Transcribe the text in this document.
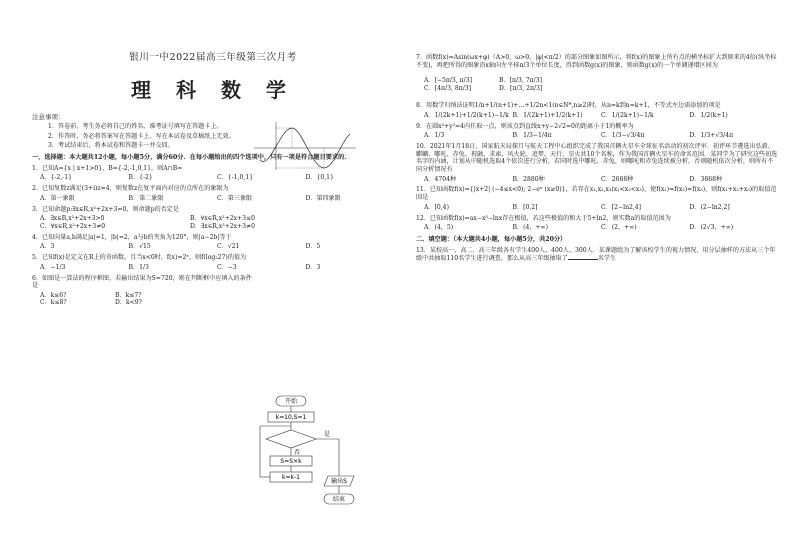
银川一中2022届高三年级第三次月考
理 科 数 学
注意事项：
1．答卷前，考生务必将自己的姓名、准考证号填写在答题卡上。
2．作答时，务必将答案写在答题卡上。写在本试卷及草稿纸上无效。
3．考试结束后，将本试卷和答题卡一并交回。
一、选择题：本大题共12小题，每小题5分，满分60分．在每小题给出的四个选项中，只有一项是符合题目要求的．
1．已知A={x | x+1>0}，B={-2,-1,0,1}，则A∩B=
A．{-2,-1}	B．{-2}	C．{-1,0,1}	D．{0,1}
2．已知复数z满足(3+i)z=4，则复数z在复平面内对应的点所在的象限为
A．第一象限	B．第二象限	C．第三象限	D．第四象限
3．已知命题p:∃x∈R,x²+2x+3=0，则命题p的否定是
A．∃x∈R,x²+2x+3>0	B．∀x∈R,x²+2x+3≤0
C．∀x∈R,x²+2x+3≠0	D．∃x∈R,x²+2x+3≠0
4．已知向量a,b满足|a|=1，|b|=2，a与b的夹角为120°，则|a−2b|等于
A．3	B．√15	C．√21	D．5
5．已知f(x)是定义在R上的奇函数，且当x<0时，f(x)=2ˣ，则f(log₂27)的值为
A．−1/3	B．1/3	C．−3	D．3
6．如图是一算法的程序框图，若输出结果为S=720，则在判断框中应填入的条件是
A．k≤6?	B．k≤7?
C．k≤8?	D．k<9?
开始
k=10,S=1
是
否
S=S×k
k=k-1
输出S
结束
7．函数f(x)=Asin(ωx+φ)（A>0，ω>0，|φ|<π/2）的部分图象如图所示，将f(x)的图象上所有点的横坐标扩大到原来的4倍(纵坐标不变)，再把所得的图象沿x轴向左平移π/3个单位长度，得到函数g(x)的图象，则函数g(x)的一个单调递增区间为
A．[−5π/3, π/3]	B．[π/3, 7π/3]
C．[4π/3, 8π/3]	D．[π/3, 2π/3]
8．用数学归纳法证明1/n+1/(n+1)+…+1/2n<1(n∈N*,n≥2)时，从n=k到n=k+1，不等式左边需添加的项是
A．1/(2k+1)+1/2(k+1)−1/k B．1/(2k+1)+1/2(k+1)	C．1/(2k+1)−1/k	D．1/2(k+1)
9．在圆x²+y²=4内任取一点，则该点到直线x+y−2√2=0的距离小于1的概率为
A．1/3	B．1/3−1/4π	C．1/3−√3/4π	D．1/3+√3/4π
10．2021年1月18日，国家航天局探月与航天工程中心组织完成了我国首辆火星车全球征名活动的初次评审．初评环节遴选出弘毅、麒麟、哪吒、赤兔、祝融、求索、风火轮、追梦、天行、星火共10个名称，作为我国首辆火星车的命名范围．某同学为了研究这些初选名字的内涵，计划从中随机选取4个依次进行分析，若同时选中哪吒、赤兔，则哪吒和赤兔连续被分析，否则随机依次分析，则所有不同分析情况有
A．4704种	B．2880种	C．2688种	D．3868种
11．已知函数f(x)={|x+2| (−4≤x<0); 2−eˣ (x≥0)}，若存在x₁,x₂,x₃(x₁<x₂<x₃)，使f(x₁)=f(x₂)=f(x₃)，则f(x₁+x₂+x₃)的取值范围是
A．[0,4)	B．[0,2]	C．[2−ln2,4]	D．(2−ln2,2]
12．已知函数f(x)=ax−x³−lnx存在极值，若这些极值的和大于5+ln2，则实数a的取值范围为
A．(4，5)	B．(4，+∞)	C．(2，+∞)	D．(2√3，+∞)
二、填空题：（本大题共4小题，每小题5分，共20分）
13．某校高一、高二、高三年级各有学生400人、400人、300人．某课题组为了解该校学生的视力情况，用分层抽样的方法从三个年级中共抽取110名学生进行调查，那么从高三年级抽取了	名学生
